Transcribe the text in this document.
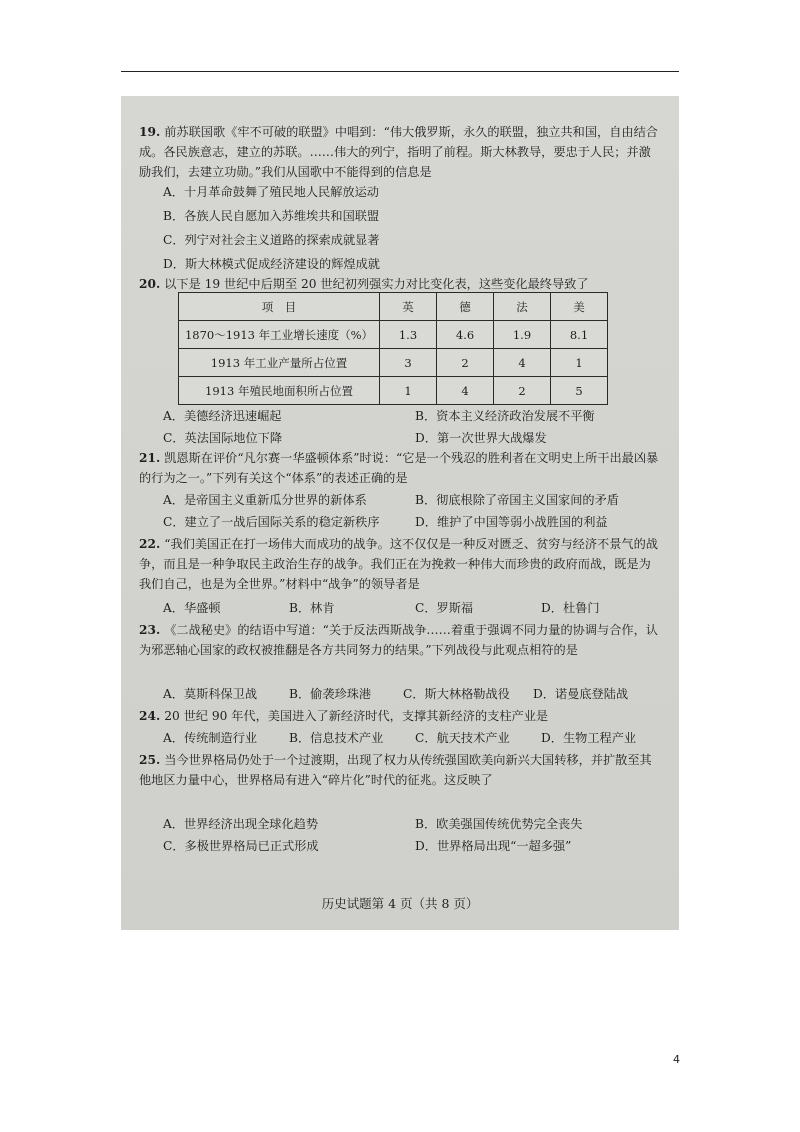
19. 前苏联国歌《牢不可破的联盟》中唱到：“伟大俄罗斯，永久的联盟，独立共和国，自由结合成。各民族意志，建立的苏联。……伟大的列宁，指明了前程。斯大林教导，要忠于人民；并激励我们，去建立功勋。”我们从国歌中不能得到的信息是
A．十月革命鼓舞了殖民地人民解放运动
B．各族人民自愿加入苏维埃共和国联盟
C．列宁对社会主义道路的探索成就显著
D．斯大林模式促成经济建设的辉煌成就
20. 以下是 19 世纪中后期至 20 世纪初列强实力对比变化表，这些变化最终导致了
项　目	英	德	法	美
1870～1913 年工业增长速度（%）	1.3	4.6	1.9	8.1
1913 年工业产量所占位置	3	2	4	1
1913 年殖民地面积所占位置	1	4	2	5
A．美德经济迅速崛起	B．资本主义经济政治发展不平衡
C．英法国际地位下降	D．第一次世界大战爆发
21. 凯恩斯在评价“凡尔赛一华盛顿体系”时说：“它是一个残忍的胜利者在文明史上所干出最凶暴的行为之一。”下列有关这个“体系”的表述正确的是
A．是帝国主义重新瓜分世界的新体系	B．彻底根除了帝国主义国家间的矛盾
C．建立了一战后国际关系的稳定新秩序	D．维护了中国等弱小战胜国的利益
22. “我们美国正在打一场伟大而成功的战争。这不仅仅是一种反对匮乏、贫穷与经济不景气的战争，而且是一种争取民主政治生存的战争。我们正在为挽救一种伟大而珍贵的政府而战，既是为我们自己，也是为全世界。”材料中“战争”的领导者是
A．华盛顿	B．林肯	C．罗斯福	D．杜鲁门
23. 《二战秘史》的结语中写道：“关于反法西斯战争……着重于强调不同力量的协调与合作，认为邪恶轴心国家的政权被推翻是各方共同努力的结果。”下列战役与此观点相符的是
A．莫斯科保卫战	B．偷袭珍珠港	C．斯大林格勒战役 D．诺曼底登陆战
24. 20 世纪 90 年代，美国进入了新经济时代，支撑其新经济的支柱产业是
A．传统制造行业	B．信息技术产业	C．航天技术产业	D．生物工程产业
25. 当今世界格局仍处于一个过渡期，出现了权力从传统强国欧美向新兴大国转移，并扩散至其他地区力量中心，世界格局有进入“碎片化”时代的征兆。这反映了
A．世界经济出现全球化趋势	B．欧美强国传统优势完全丧失
C．多极世界格局已正式形成	D．世界格局出现“一超多强”
历史试题第 4 页（共 8 页）
4
